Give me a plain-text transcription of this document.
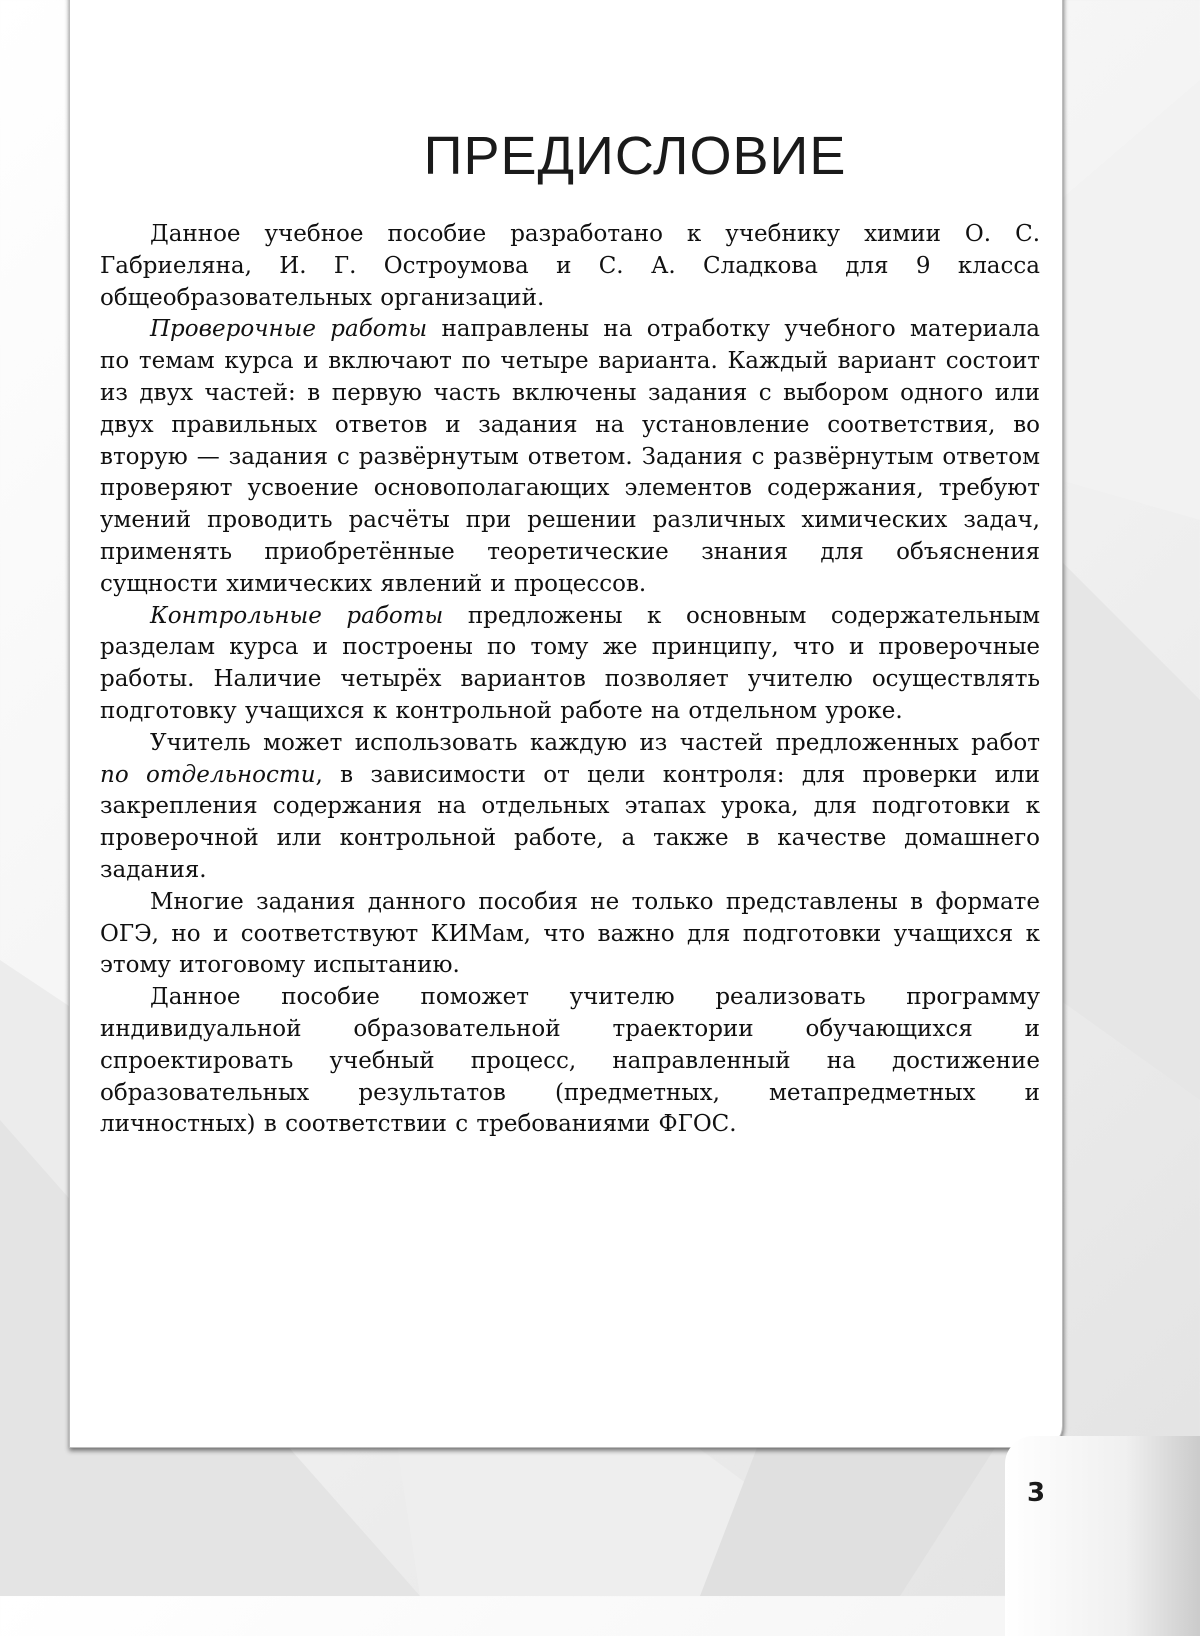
ПРЕДИСЛОВИЕ

Данное учебное пособие разработано к учебнику химии О. С. Габриеляна, И. Г. Остроумова и С. А. Сладкова для 9 класса общеобразовательных организаций.

Проверочные работы направлены на отработку учебного материала по темам курса и включают по четыре варианта. Каждый вариант состоит из двух частей: в первую часть включены задания с выбором одного или двух правильных ответов и задания на установление соответствия, во вторую — задания с развёрнутым ответом. Задания с развёрнутым ответом проверяют усвоение основополагающих элементов содержания, требуют умений проводить расчёты при решении различных химических задач, применять приобретённые теоретические знания для объяснения сущности химических явлений и процессов.

Контрольные работы предложены к основным содержательным разделам курса и построены по тому же принципу, что и проверочные работы. Наличие четырёх вариантов позволяет учителю осуществлять подготовку учащихся к контрольной работе на отдельном уроке.

Учитель может использовать каждую из частей предложенных работ по отдельности, в зависимости от цели контроля: для проверки или закрепления содержания на отдельных этапах урока, для подготовки к проверочной или контрольной работе, а также в качестве домашнего задания.

Многие задания данного пособия не только представлены в формате ОГЭ, но и соответствуют КИМам, что важно для подготовки учащихся к этому итоговому испытанию.

Данное пособие поможет учителю реализовать программу индивидуальной образовательной траектории обучающихся и спроектировать учебный процесс, направленный на достижение образовательных результатов (предметных, метапредметных и личностных) в соответствии с требованиями ФГОС.

3
